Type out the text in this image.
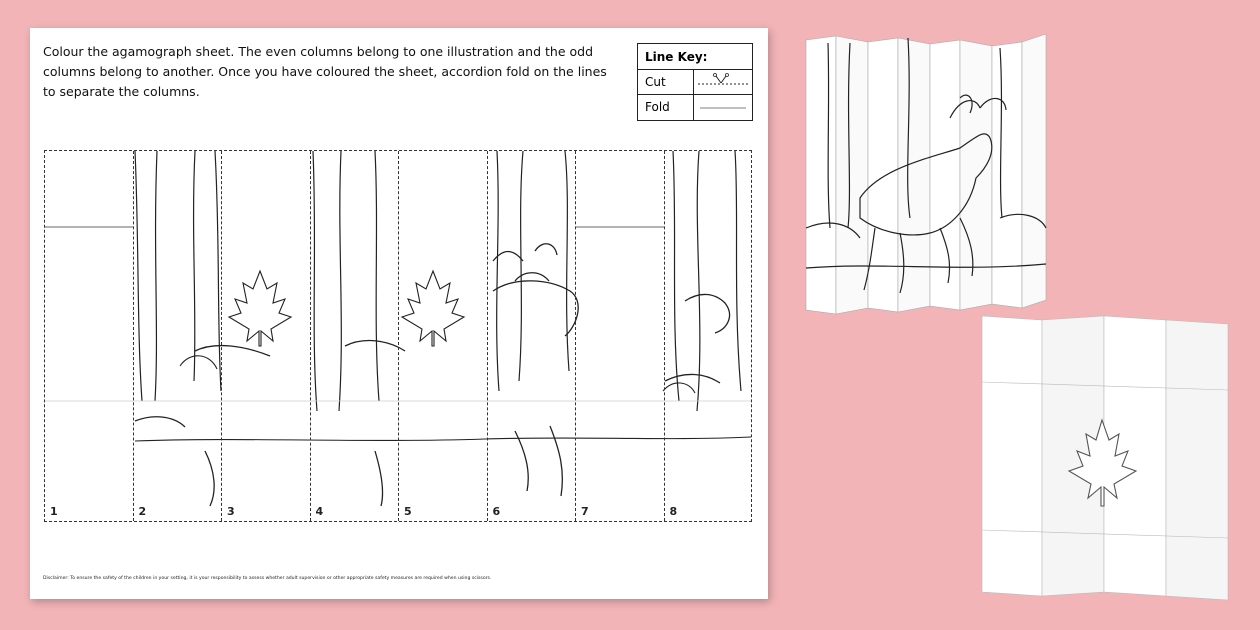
Colour the agamograph sheet. The even columns belong to one illustration and the odd columns belong to another. Once you have coloured the sheet, accordion fold on the lines to separate the columns.
Line Key:
Cut
Fold
1	2	3	4	5	6	7	8
Disclaimer: To ensure the safety of the children in your setting, it is your responsibility to assess whether adult supervision or other appropriate safety measures are required when using scissors.
